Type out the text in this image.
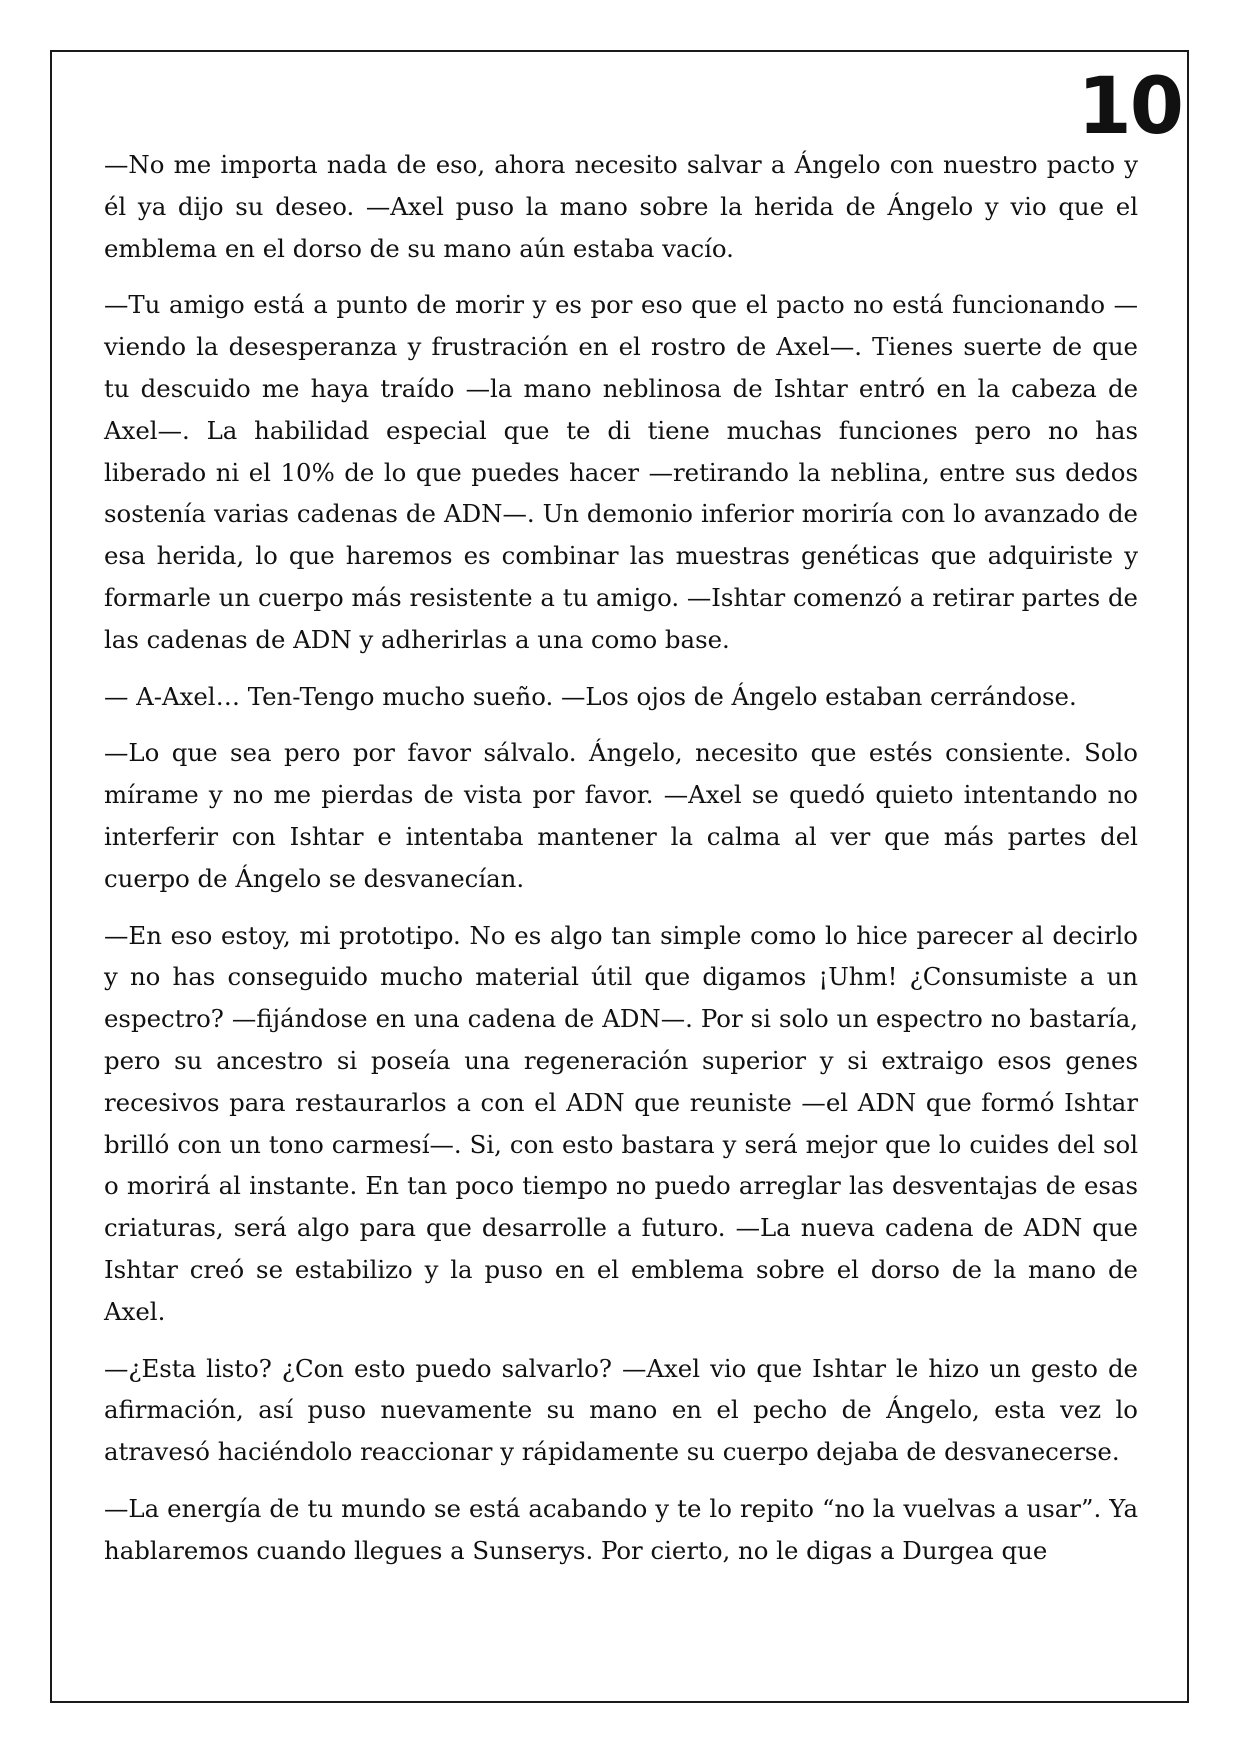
10

—No me importa nada de eso, ahora necesito salvar a Ángelo con nuestro pacto y él ya dijo su deseo. —Axel puso la mano sobre la herida de Ángelo y vio que el emblema en el dorso de su mano aún estaba vacío.

—Tu amigo está a punto de morir y es por eso que el pacto no está funcionando —viendo la desesperanza y frustración en el rostro de Axel—. Tienes suerte de que tu descuido me haya traído —la mano neblinosa de Ishtar entró en la cabeza de Axel—. La habilidad especial que te di tiene muchas funciones pero no has liberado ni el 10% de lo que puedes hacer —retirando la neblina, entre sus dedos sostenía varias cadenas de ADN—. Un demonio inferior moriría con lo avanzado de esa herida, lo que haremos es combinar las muestras genéticas que adquiriste y formarle un cuerpo más resistente a tu amigo. —Ishtar comenzó a retirar partes de las cadenas de ADN y adherirlas a una como base.

— A-Axel… Ten-Tengo mucho sueño. —Los ojos de Ángelo estaban cerrándose.

—Lo que sea pero por favor sálvalo. Ángelo, necesito que estés consiente. Solo mírame y no me pierdas de vista por favor. —Axel se quedó quieto intentando no interferir con Ishtar e intentaba mantener la calma al ver que más partes del cuerpo de Ángelo se desvanecían.

—En eso estoy, mi prototipo. No es algo tan simple como lo hice parecer al decirlo y no has conseguido mucho material útil que digamos ¡Uhm! ¿Consumiste a un espectro? —fijándose en una cadena de ADN—. Por si solo un espectro no bastaría, pero su ancestro si poseía una regeneración superior y si extraigo esos genes recesivos para restaurarlos a con el ADN que reuniste —el ADN que formó Ishtar brilló con un tono carmesí—. Si, con esto bastara y será mejor que lo cuides del sol o morirá al instante. En tan poco tiempo no puedo arreglar las desventajas de esas criaturas, será algo para que desarrolle a futuro. —La nueva cadena de ADN que Ishtar creó se estabilizo y la puso en el emblema sobre el dorso de la mano de Axel.

—¿Esta listo? ¿Con esto puedo salvarlo? —Axel vio que Ishtar le hizo un gesto de afirmación, así puso nuevamente su mano en el pecho de Ángelo, esta vez lo atravesó haciéndolo reaccionar y rápidamente su cuerpo dejaba de desvanecerse.

—La energía de tu mundo se está acabando y te lo repito “no la vuelvas a usar”. Ya hablaremos cuando llegues a Sunserys. Por cierto, no le digas a Durgea que
